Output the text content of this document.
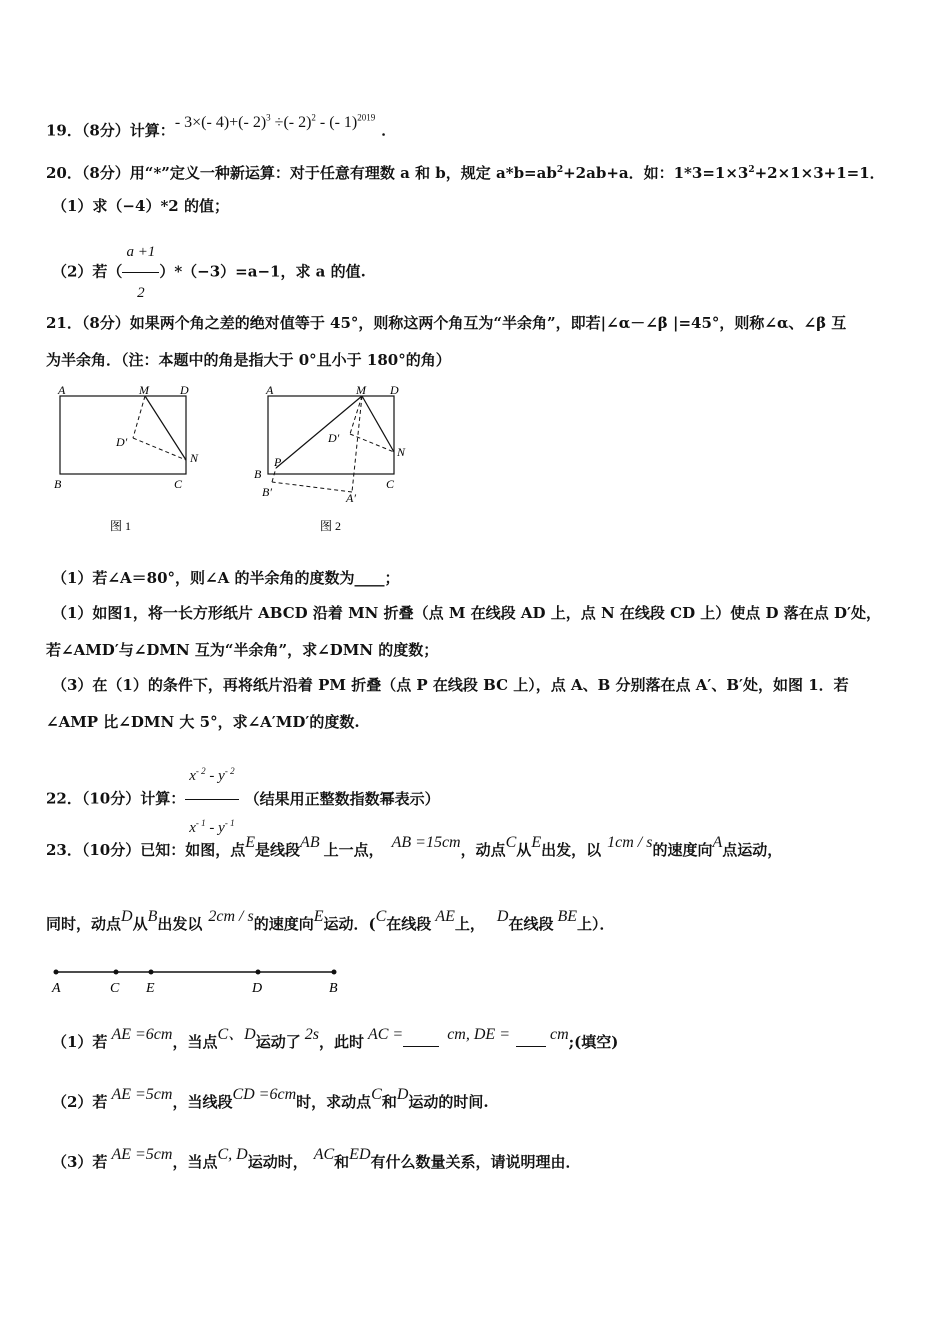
19．（8分）计算：- 3×(- 4)+(- 2)$^3$ ÷(- 2)$^2$ - (- 1)$^{2019}$．
20．（8分）用“*”定义一种新运算：对于任意有理数 a 和 b，规定 $a*b=ab^2+2ab+a$．如：$1*3=1\times 3^2+2\times 1\times 3+1=1$．
（1）求（−4）*2 的值；
（2）若（ $\frac{a +1}{2} )*(-3)=a-1$，求 a 的值.
21．（8分）如果两个角之差的绝对值等于 45°，则称这两个角互为“半余角”，即若|∠α－∠β |=45°，则称∠α、∠β 互
为半余角．（注：本题中的角是指大于 0°且小于 180°的角）
A	M	D
D′
N
B	C
图 1
A	M D
D′
N
P
B
B′	A′
C
图 2
（1）若∠A＝80°，则∠A 的半余角的度数为____；
（1）如图1，将一长方形纸片 ABCD 沿着 MN 折叠（点 M 在线段 AD 上，点 N 在线段 CD 上）使点 D 落在点 D′处，
若∠AMD′与∠DMN 互为“半余角”，求∠DMN 的度数；
（3）在（1）的条件下，再将纸片沿着 PM 折叠（点 P 在线段 BC 上），点 A、B 分别落在点 A′、B′处，如图 1．若
∠AMP 比∠DMN 大 5°，求∠A′MD′的度数.
22．（10分）计算： $\frac{x^{- 2} - y^{- 2}}{x^{- 1} - y^{- 1}}$ （结果用正整数指数幂表示）
23．（10分）已知：如图，点E是线段AB 上一点， AB =15cm，动点C从E出发，以 1cm / s的速度向A点运动，
同时，动点D从B出发以 2cm / s的速度向E运动．(C在线段 AE上， D在线段 BE上）．
A	C E	D	B
（1）若 AE =6cm，当点C、D运动了 2s，此时 AC =	cm, DE =	cm;(填空)
（2）若 AE =5cm，当线段CD =6cm时，求动点C和D运动的时间.
（3）若 AE =5cm，当点C, D运动时， AC和ED有什么数量关系，请说明理由．
